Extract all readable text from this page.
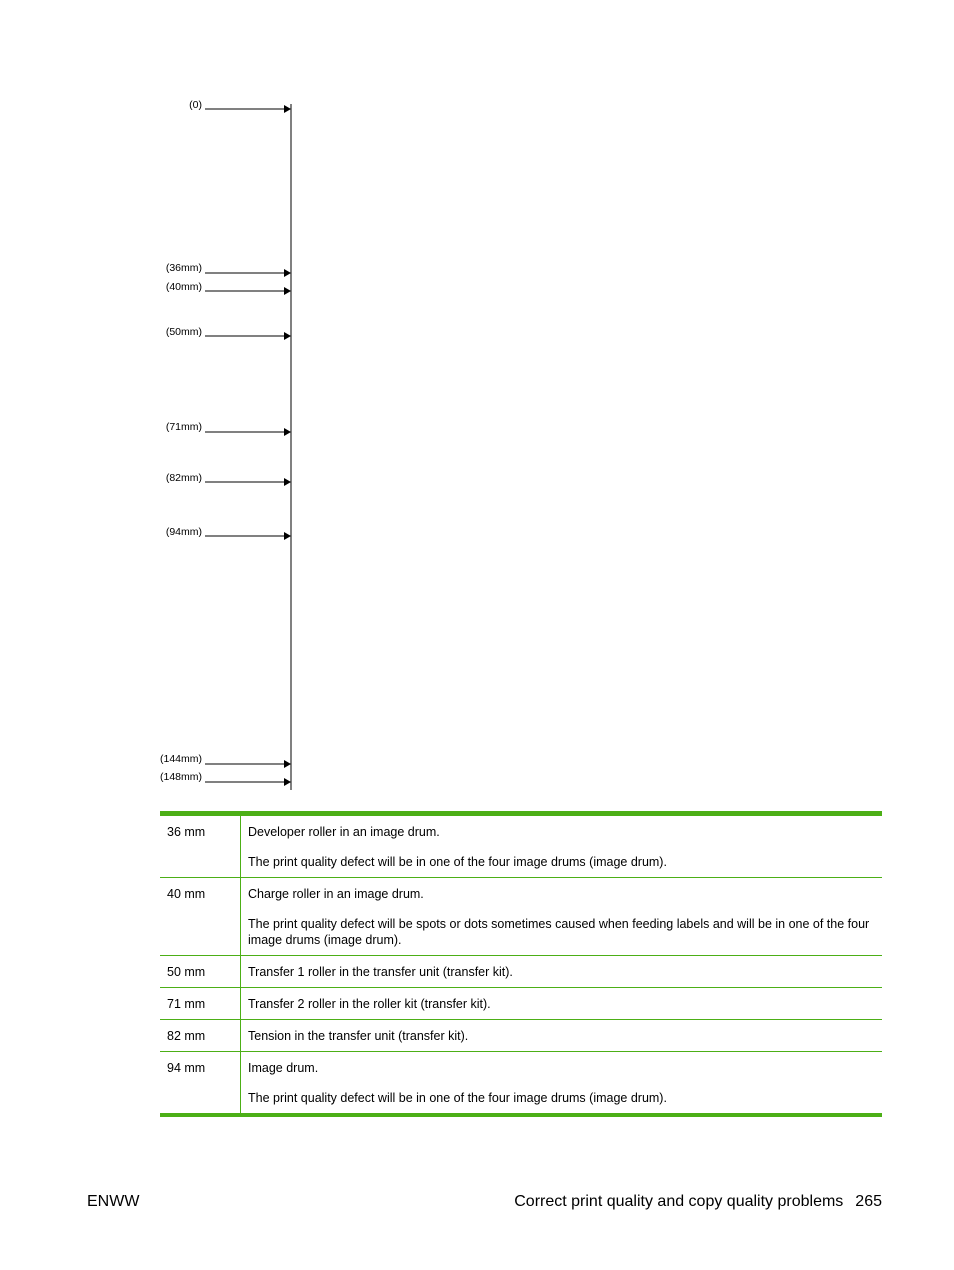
(0)
(36mm)
(40mm)
(50mm)
(71mm)
(82mm)
(94mm)
(144mm)
(148mm)

36 mm	Developer roller in an image drum.

The print quality defect will be in one of the four image drums (image drum).

40 mm	Charge roller in an image drum.

The print quality defect will be spots or dots sometimes caused when feeding labels and will be in one of the four image drums (image drum).

50 mm	Transfer 1 roller in the transfer unit (transfer kit).

71 mm	Transfer 2 roller in the roller kit (transfer kit).

82 mm	Tension in the transfer unit (transfer kit).

94 mm	Image drum.

The print quality defect will be in one of the four image drums (image drum).

ENWW	Correct print quality and copy quality problems 265
